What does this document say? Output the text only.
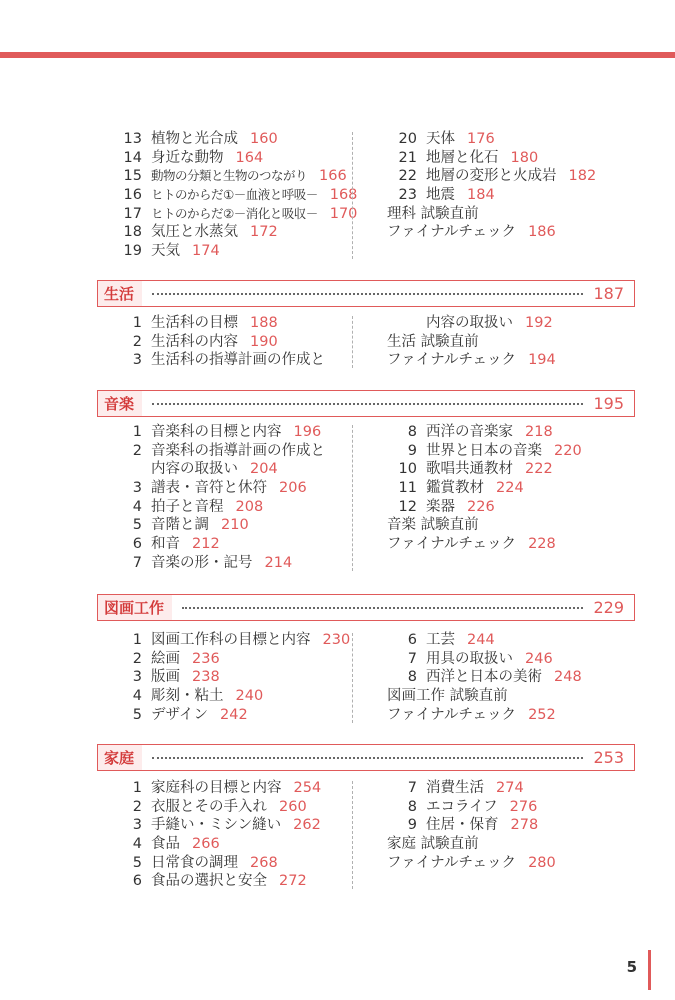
13 植物と光合成 160
14 身近な動物 164
15 動物の分類と生物のつながり 166
16 ヒトのからだ①－血液と呼吸－ 168
17 ヒトのからだ②－消化と吸収－ 170
18 気圧と水蒸気 172
19 天気 174
20 天体 176
21 地層と化石 180
22 地層の変形と火成岩 182
23 地震 184
理科 試験直前
ファイナルチェック 186
生活	187
1 生活科の目標 188
2 生活科の内容 190
3 生活科の指導計画の作成と
内容の取扱い 192
生活 試験直前
ファイナルチェック 194
音楽	195
1 音楽科の目標と内容 196
2 音楽科の指導計画の作成と
内容の取扱い 204
3 譜表・音符と休符 206
4 拍子と音程 208
5 音階と調 210
6 和音 212
7 音楽の形・記号 214
8 西洋の音楽家 218
9 世界と日本の音楽 220
10 歌唱共通教材 222
11 鑑賞教材 224
12 楽器 226
音楽 試験直前
ファイナルチェック 228
図画工作	229
1 図画工作科の目標と内容 230
2 絵画 236
3 版画 238
4 彫刻・粘土 240
5 デザイン 242
6 工芸 244
7 用具の取扱い 246
8 西洋と日本の美術 248
図画工作 試験直前
ファイナルチェック 252
家庭	253
1 家庭科の目標と内容 254
2 衣服とその手入れ 260
3 手縫い・ミシン縫い 262
4 食品 266
5 日常食の調理 268
6 食品の選択と安全 272
7 消費生活 274
8 エコライフ 276
9 住居・保育 278
家庭 試験直前
ファイナルチェック 280
5
